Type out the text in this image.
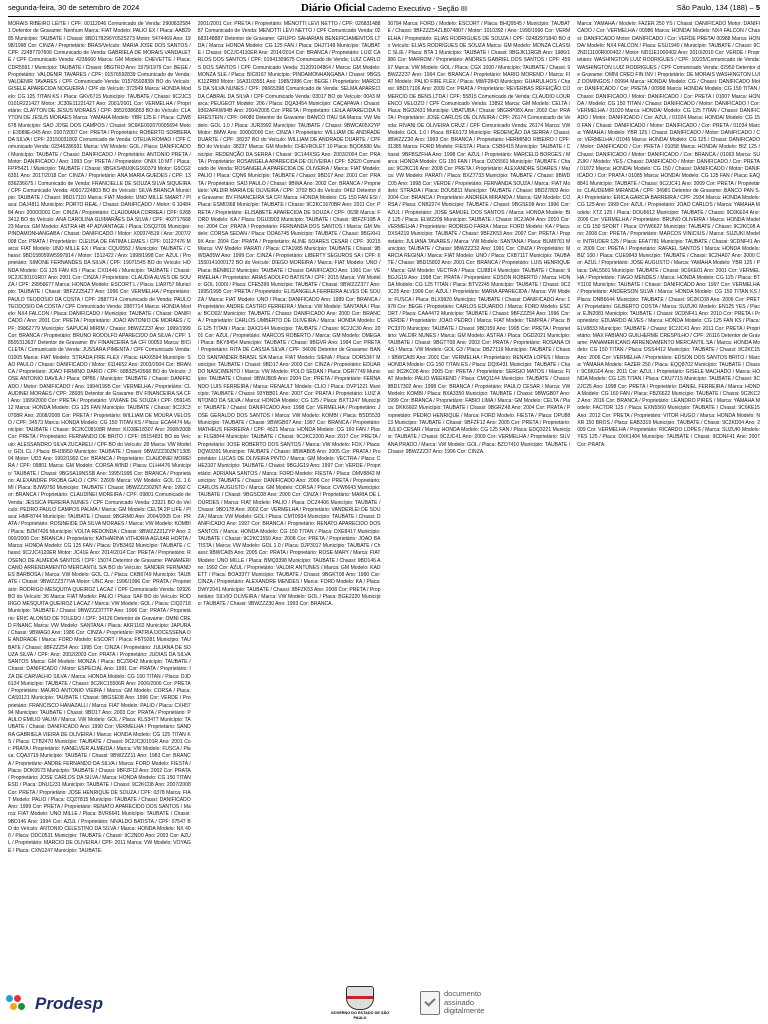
segunda-feira, 30 de setembro de 2024	Diário Oficial Caderno Executivo - Seção III	São Paulo, 134 (188) – 5
MORAIS RIBEIRO LEITE / CPF: 00112046 Comunicado de Venda: 29008325841 Detentor de Gravame: Nenhum Marca: FIAT Modelo: PALIO EX / Placa: AAB2985 Município: TAUBATE / Chassi: 9BD178296Y0525273 Motor: 5474469 Ano: 1998/1998 Cor: CINZA / Proprietário: BRAS/Veículo: MARIA JOSE DOS SANTOS / CPF: 22487797606 Comunicado de Venda: GABRIELA DE MORAIS VANDALETE / CPF Comunicado Venda: 4236660 Marca: GM Modelo: CHEVETTE / Placa: CDR5591 / Município: TAUBATE / Chassi: 9BGTRO Ano: 1979/1979 Cor: BEGE / Proprietário: VALDENIR TAVARES / CPF: 01576592839 Comunicado de Venda: VALDENIR TAVARES / CPF Comunicado Venda: 01576592839/ BO do Veículo: GISELE APARECIDA NOGUEIRA / CPF do Veículo: 372949 Marca: HONDA Modelo: CG 125 TITAN KS / Placa: GKV6715 Município: TAUBATE / Chassi: 9C2JC30101R221427 Motor: JC30E11221427 Ano: 2001/2001 Cor: VERMELHA / Proprietário: CLAYTON DE JESUS MORAES / CPF: 38520386853 BO do Veículo: CLAYTON DE JESUS MORAES Marca: YAMAHA Modelo: YBR 125 E / Placa: CZW8678 Município: SAO JOSE DOS CAMPOS / Chassi: 9C6KE092070005694 Motor: E3089E-045 Ano: 2007/2007 Cor: PRETA / Proprietário: ROBERTO SORBERA DA SILVA / CPF: 23150031802 Comunicado de Venda: OTELIA ROMAO / CPF Comunicado Venda: 02346286931 Marca: VW Modelo: GOL / Placa: DANIFICADO / Município: TAUBATE / Chassi: DANIFICADO / Proprietário: ANTONIO PRETA / Motor: DANIFICADO / Ano: 1993 Cor: PRETA / Proprietário: ONIX 10 MT / Placa: FPP5421 / Município: TAUBATE / Chassi: 9BGKS48U0KG160379 Motor: G5CG26351 Ano: 2017/2018 Cor: CINZA / Proprietário: ANA MARIA GUEDES / CPF: 13836236675 / Comunicado de Venda: FRANCIELLE DE SOUZA SILVA SIQUEIRA / CPF Comunicado Venda: 40917224803 BO do Veículo: SILVA BRANCA Município: TAUBATE / Chassi: 9BD17110 Marca: FIAT Modelo: UNO MILLE SMART / Placa: DAJ4811 Município: PORTO REAL / Chassi: DANIFICADO / Motor: 6 1048484 Ano: 2000/2001 Cor: CINZA / Proprietário: CLAUDIANA CORREA / CPF: 02683412 BO do Veículo: ANA CAROLINA GUIMARÃES DA SILVA / CPF: 40271766823 Marca: GM Modelo: ASTRA HB 4P ADVANTAGE / Placa: DSQ2706 Município: PINDAMONHANGABA / Chassi: DANIFICADO / Motor: X00374519 / Ano: 2007/2008 Cor: PRATA / Proprietário: CLEUSA DE FATIMA LEMES / CPF: 01127476 Marca: FIAT Modelo: UNO MILLE EX / Placa: CQU0552 / Município: TAUBATE / Chassi: 9BD158059W5997814 / Motor: 1512422 / Ano: 1998/1998 Cor: AZUL / Proprietário: SIMONE FERNANDES DA SILVA / CPF: 19071545 BO do Veículo: HONDA Modelo: CG 125 FAN KS / Placa: CXI1446 / Município: TAUBATE / Chassi: 9C2JC30101R07 Ano: 2001 Cor: CINZA / Proprietário: CLAUDIA ALVES DE SOUZA / CPF: 29956677 Marca: HONDA Modelo: ESCORT L / Placa: LIA9757 Município: TAUBATE / Chassi: 9BFZZZ54ZT Ano: 1996 Cor: VERMELHA / Proprietário: PAULO TEODOSIO DA COSTA / CPF: 2887714 Comunicado de Venda: PAULO TEODOSIO DA COSTA / CPF Comunicado Venda: 2887714 Marca: HONDA Modelo: NX4 FALCON / Placa: DANIFICADO / Município: TAUBATE / Chassi: DANIFICADO / Ano: 2001 Cor: PRETA / Proprietário: JOAO ANTONIO DE MORAES / CPF: 09862779 Município: SAPUCAÍ MIRIM / Chassi: 9BWZZZ37 Ano: 1999/1999 Cor: BRANCA / Proprietário: BRUNO RODOLFO APARECIDO DA SILVA / CPF: 18505313637 Detentor de Gravame: BV FINANCEIRA SA CFI 00053 Marca: BICICLETA / Comunicado de Venda: JUSSARA PIMENTA / CPF Comunicado Venda: 01005 Marca: FIAT Modelo: STRADA FIRE FLEX / Placa: HAX6594 Município: SAO PAULO / Chassi: DANIFICADO / Motor: 6114652 Ano: 2003/2004 Cor: BRANCA / Proprietário: JOAO FIRMINO DARIO / CPF: 68832542668 BO do Veículo: JOSE ANTONIO DAVILA / Placa: DPB6 / Município: TAUBATE / Chassi: DANIFICADO / Motor: DANIFICADO / Ano: 1994/1995 Cor: VERMELHA / Proprietário: CLAUDINEI MORAES / CPF: 28935 Detentor de Gravame: BV FINANCEIRA SA CFI Ano: 1999/2000 Cor: PRETA / Proprietário: VIVIANE DE SOUZA / CPF: 05914512 Marca: HONDA Modelo: CG 125 FAN Município: TAUBATE / Chassi: 9C2JC30708R Ano: 2008/2008 Cor: PRETA / Proprietário: WILLIAM DE MOURA VELOSO / CPF: 34573 Marca: HONDA Modelo: CG 150 TITAN KS / Placa: ECA4474 Município: TAUBATE / Chassi: 9C2KC08108R Motor: KC08E18307 Ano: 2008/2008 Cor: PRETA / Proprietário: FERNANDO DE BRITO / CPF: 05154831 BO do Veículo: ALESSANDRO SILVA ZUCARELI / CPF BO do Veículo: 28 Marca: VW Modelo: GOL CL / Placa: BHJ9950 Município: TAUBATE / Chassi: 9BWZZZ30ZNT130504 Motor: UD3 Ano: 1992/1992 Cor: BRANCA / Proprietário: CLAUDINEI MOREIRA / CPF: 09801 Marca: GM Modelo: CORSA WIND / Placa: CLH4476 Município: TAUBATE / Chassi: 9BGSA19NSSB Ano: 1995/1995 Cor: BRANCA / Proprietário: ALEXANDRE PROBA GALO / CPF: 22609 Marca: VW Modelo: GOL CL 1.6 MI / Placa: BJW9750 Município: TAUBATE / Chassi: 9BWZZZ30ZNT Ano: 1992 Cor: BRANCA / Proprietário: CLAUDINEI MOREIRA / CPF: 09801 Comunicado de Venda: JESSICA PEREIRA NUNES / CPF Comunicado Venda: 23321 BO do Veículo: PEDRO PAULO CAMPOS PALMA / Marca: GM Modelo: CELTA 2P LIFE / Placa: HMF8744 Município: TAUBATE / Chassi: 9BGRM0 Ano: 2004/2005 Cor: PRATA / Proprietário: ROSINEIDE DA SILVA MORAES / Marca: VW Modelo: KOMBI / Placa: BZM7426 Município: VOLTA REDONDA / Chassi: 9BWZZZ21ZYP Ano: 2000/2000 Cor: BRANCA / Proprietário: KATHARINA VITHORIA AGUIAR HORTA / Marca: HONDA Modelo: CG 125 FAN / Placa: DVB3402 Município: TAUBATE / Chassi: 9C2JC4120ER Motor: JC41E Ano: 2014/2014 Cor: PRETA / Proprietário: ROSENO DE ALMEIDA SANTOS / CPF: 15074 Detentor de Gravame: PANAMERICANO ARRENDAMENTO MERCANTIL S/A BO do Veículo: SANDER FERNANDES BARBOSA / Marca: VW Modelo: GOL CL / Placa: CKB6749 Município: TAUBATE / Chassi: 9BWZZZ377VA Motor: UNC Ano: 1996/1996 Cor: PRATA / Proprietário: RODRIGO MESQUITA QUEIROZ LACAZ / CPF Comunicado Venda: 02926 BO do Veículo: 36 Marca: FIAT Modelo: PALIO / Placa: SAF BO do Veículo: RODRIGO MESQUITA QUEIROZ LACAZ / Marca: VW Modelo: GOL / Placa: CIQ2718 Município: TAUBATE / Chassi: 9BWZZZ377TP Ano: 1996 Cor: PRATA / Proprietário: ERIC ALONSO DE TOLEDO / CPF: 34126 Detentor de Gravame: OMNI CRED FINANC Marca: VW Modelo: SANTANA / Placa: AKR1162 Município: JAPURÁ / Chassi: 9BWAG0 Ano: 1986 Cor: CINZA / Proprietário: PATRIA DOCESSENA DE ANDRADE / Marca: FORD Modelo: ESCORT / Placa: FBT9281 Município: TAUBATE / Chassi: 9BFZZZ54 Ano: 1995 Cor: CINZA / Proprietário: JULIANA DE SOUZA SILVA / CPF: Ano: 2002/2003 Cor: PRATA / Proprietário: JUDIAS DA SILVA SANTOS Marca: GM Modelo: MONZA / Placa: BCZ9042 Município: TAUBATE / Chassi: DANIFICADO / Motor: ESPECIAL Ano: 1991 Cor: PRATA / Proprietário: IZA DE CARVALHO SILVA / Marca: HONDA Modelo: CG 150 TITAN / Placa: DJD6124 Município: TAUBATE / Chassi: 9C2KC15506R Ano: 2006/2006 Cor: PRETA / Proprietário: MAURO ANTONIO VIEIRA / Marca: GM Modelo: CORSA / Placa: CAS0121 Município: TAUBATE / Chassi: 9BGSE08 Ano: 1996 Cor: VERDE / Proprietário: FRANCISCO HANAZALLI / Marca: FIAT Modelo: PALIO / Placa: CXH5794 Município: TAUBATE / Chassi: 9BD17 Ano: 2003 Cor: PRATA / Proprietário: PAULO EMILIO VALIM / Marca: VW Modelo: GOL / Placa: KLS3477 Município: TAUBATE / Chassi: DANIFICADO Ano: 1990 Cor: VERMELHA / Proprietário: SANDRA GABRIELA VIEIRA DE OLIVEIRA / Marca: HONDA Modelo: CG 125 TITAN KS / Placa: CTB2470 Município: TAUBATE / Chassi: 9C2JC30101R Ano: 2001 Cor: PRATA / Proprietário: IVANELVER ALMEIDA / Marca: VW Modelo: FUSCA / Placa: CQA3719 Município: TAUBATE / Chassi: 9BWZZZ11 Ano: 1983 Cor: BRANCA / Proprietário: ANDRE FERNANDO DA SILVA / Marca: FORD Modelo: FIESTA / Placa: DOK0573 Município: TAUBATE / Chassi: 9BFZF12 Ano: 2002 Cor: PRATA / Proprietário: JOSE CARLOS DA SILVA / Marca: HONDA Modelo: CG 150 TITAN ESD / Placa: DNU1231 Município: TAUBATE / Chassi: 9C2KC08 Ano: 2007/2008 Cor: PRETA / Proprietário: JOSE HENRIQUE DE SOUZA / CPF: 0378 Marca: FIAT Modelo: PALIO / Placa: CQZ7815 Município: TAUBATE / Chassi: DANIFICADO Ano: 1999 Cor: PRETA / Proprietário: RENATO APARECIDO DOS SANTOS / Marca: FIAT Modelo: UNO MILLE / Placa: BVR6641 Município: TAUBATE / Chassi: 9BD146 Ano: 1994 Cor: AZUL / Proprietário: NIVALDO BATISTA / CPF: 07547 BO do Veículo: ANTONIO CELESTINO DA SILVA / Marca: HONDA Modelo: NX 400 / Placa: DDC0531 Município: TAUBATE / Chassi: 9C2ND0 Ano: 2003 Cor: AZUL / Proprietário: MARCIO DE OLIVEIRA / CPF: 2011 Marca: VW Modelo: VOYAGE / Placa: CXN1247 Município: TAUBATE.
2001/2001 Cor: PRETA / Proprietário: MENOTTI LEVI NETTO / CPF: 02683148887 Comunicado de Venda: MENOTTI LEVI NETTO / CPF Comunicado Venda: 02683148887 Detentor de Gravame: GRUPO SAHARIAN BENEFICIAMENTOS LTDA / Marca: HONDA Modelo: CG 125 FAN / Placa: DHJ7148 Município: TAUBATE / Chassi: 9C2JC4110ER Ano: 2014/2014 Cor: BRANCA / Proprietário: LUIZ CARLOS DOS SANTOS / CPF: 01941309675 Comunicado de Venda: LUIZ CARLOS DOS SANTOS / CPF Comunicado Venda: 31209104864 / Marca: GM Modelo: MONZA SLE / Placa: BIC8167 Município: PINDAMONHANGABA / Chassi: 9BGSK11ZRB0 Motor: 16A3103551 Ano: 1985/1986 Cor: BEGE / Proprietário: MARCOS DA SILVA NUNES / CPF: 09665398 Comunicado de Venda: SELMA APARECIDA CABRAL DA SILVA / CPF Comunicado Venda: 03017 BO do Veículo: 0043 Marca: PEUGEOT Modelo: 206 / Placa: DQA3454 Município: CAÇAPAVA / Chassi: 9362AFKW94B Ano: 2004/2005 Cor: PRETA / Proprietário: LEILA APARECIDA NERESTEIN / CPF: 04080 Detentor de Gravame: BANCO ITAU SA Marca: VW Modelo: GOL 1.0 / Placa: JUR3992 Município: TAUBATE / Chassi: 9BWCA05X2YP Motor: BMW Ano: 2000/2000 Cor: CINZA / Proprietário: WILLIAM DE ANDRADE DUARTE / CPF: 38237 BO do Veículo: WILLIAM DE ANDRADE DUARTE / CPF BO do Veículo: 38237 Marca: GM Modelo: CHEVROLET 10 Placa: BQO6580 Município: REDENÇÃO DA SERRA / Chassi: 9C144XSG Ano: 2003/2004 Cor: PRATA / Proprietário: ROSANGELA APARECIDA DE OLIVEIRA / CPF: 52620 Comunicado de Venda: ROSANGELA APARECIDA DE OLIVEIRA / Marca: FIAT Modelo: PALIO / Placa: CQN6 Município: TAUBATE / Chassi: 9BD17 Ano: 2001 Cor: PRATA / Proprietário: SAO PAULO / Chassi: 9BWA Ano: 2002 Cor: BRANCA / Proprietário: VALDIR MARIA DE OLIVEIRA / CPF: 3702 BO do Veículo: 0462 Detentor de Gravame: BV FINANCEIRA SA CFI Marca: HONDA Modelo: CG 150 FAN ESI / Placa: ESM0368 Município: TAUBATE / Chassi: 9C2KC1670BR Ano: 2011 Cor: PRETA / Proprietário: ELISABETE APARECIDA DE SOUZA / CPF: 0638 Marca: FORD Modelo: KA / Placa: DGU3903 Município: TAUBATE / Chassi: 9BFZF10B Ano: 2004 Cor: PRATA / Proprietário: FERNANDA DOS SANTOS / Marca: GM Modelo: CORSA SEDAN / Placa: DOA6745 Município: TAUBATE / Chassi: 9BGXH19X Ano: 2004 Cor: PRATA / Proprietário: ALINE SOARES CESAR / CPF: 30215 Marca: VW Modelo: PARATI / Placa: CTA1985 Município: TAUBATE / Chassi: 9BWDA05W Ano: 1999 Cor: CINZA / Proprietário: LIBERTY SEGUROS SA / CPF: 61550141000172 BO do Veículo: DIEGO MOREIRA / Marca: FIAT Modelo: UNO / Placa: BEN8612 Município: TAUBATE / Chassi: DANIFICADO Ano: 1991 Cor: VERMELHA / Proprietário: ARIAS ADOLFO BATISTA / CPF: 2015 Marca: VW Modelo: GOL 1000I / Placa: CFE5399 Município: TAUBATE / Chassi: 9BWZZZ377 Ano: 1995/1995 Cor: PRETA / Proprietário: ELISANGELA FERREIRA ALVES DE SOUZA / Marca: FIAT Modelo: UNO / Placa: DANIFICADO Ano: 1989 Cor: BRANCA / Proprietário: ANDRE CASTRO FERREIRA / Marca: VW Modelo: SANTANA / Placa: BCO02/ Município: TAUBATE / Chassi: DANIFICADO Ano: 2000 Cor: BRANCA / Proprietário: CARLOS UMBERTO DE OLIVEIRA / Marca: HONDA Modelo: CG 125 TITAN / Placa: DAX2144 Município: TAUBATE / Chassi: 9C2JC30 Ano: 2001 Cor: AZUL / Proprietário: MARCOS ROBERTO / Marca: GM Modelo: OMEGA / Placa: BKY8454 Município: TAUBATE / Chassi: 9BGVR Ano: 1994 Cor: PRETA / Proprietário: RITA DE CASSIA SILVA / CPF: 34036 Detentor de Gravame: BANCO SANTANDER BRASIL S/A Marca: FIAT Modelo: SIENA / Placa: DOR5347 Município: TAUBATE / Chassi: 9BD17 Ano: 2003 Cor: CINZA / Proprietário: EDUARDO NASCIMENTO / Marca: VW Modelo: POLO SEDAN / Placa: DGR7749 Município: TAUBATE / Chassi: 9BWJB09 Ano: 2004 Cor: PRETA / Proprietário: FERNANDO LUIS FERREIRA / Marca: RENAULT Modelo: CLIO / Placa: DVP1221 Município: TAUBATE / Chassi: 93YBB01 Ano: 2007 Cor: PRATA / Proprietário: LUIZ ANTONIO DA SILVA / Marca: HONDA Modelo: CG 125 / Placa: BXT1247 Município: TAUBATE / Chassi: DANIFICADO Ano: 1998 Cor: VERMELHA / Proprietário: JOSE GERALDO DOS SANTOS / Marca: VW Modelo: KOMBI / Placa: BSD5533 Município: TAUBATE / Chassi: 9BWGB07 Ano: 1997 Cor: BRANCA / Proprietário: MATHEUS FERREIRA / CPF: 4621 Marca: HONDA Modelo: CG 160 FAN / Placa: FLG8844 Município: TAUBATE / Chassi: 9C2KC2200 Ano: 2017 Cor: PRETA / Proprietário: JOSE ROBERTO DOS SANTOS / Marca: VW Modelo: FOX / Placa: DQW3391 Município: TAUBATE / Chassi: 9BWAB05 Ano: 2005 Cor: PRATA / Proprietário: LUCAS DE OLIVEIRA PINTO / Marca: GM Modelo: VECTRA / Placa: CHE3107 Município: TAUBATE / Chassi: 9BGJG19 Ano: 1997 Cor: VERDE / Proprietário: ADRIANA SANTOS / Marca: FORD Modelo: FIESTA / Placa: DMV8842 Município: TAUBATE / Chassi: DANIFICADO Ano: 2006 Cor: PRETA / Proprietário: CARLOS AUGUSTO / Marca: GM Modelo: CORSA / Placa: CVW6643 Município: TAUBATE / Chassi: 9BGSC08 Ano: 2000 Cor: CINZA / Proprietário: MARIA DE LOURDES / Marca: FIAT Modelo: PALIO / Placa: DCZ4406 Município: TAUBATE / Chassi: 9BD178 Ano: 2002 Cor: VERMELHA / Proprietário: VANDERLEI DE SOUZA / Marca: VW Modelo: GOL / Placa: CMT0934 Município: TAUBATE / Chassi: DANIFICADO Ano: 1997 Cor: BRANCA / Proprietário: RENATO APARECIDO DOS SANTOS / Marca: HONDA Modelo: CG 150 TITAN / Placa: DXE8417 Município: TAUBATE / Chassi: 9C2KC1550 Ano: 2008 Cor: PRETA / Proprietário: JOAO BATISTA / Marca: VW Modelo: GOL 1.0 / Placa: DJP3017 Município: TAUBATE / Chassi: 9BWCA05 Ano: 2005 Cor: PRATA / Proprietário: ROSE MARY / Marca: FIAT Modelo: UNO MILLE / Placa: BMQ3398 Município: TAUBATE / Chassi: 9BD146 Ano: 1992 Cor: AZUL / Proprietário: VALDIR ANTUNES / Marca: GM Modelo: KADETT / Placa: BOA3377 Município: TAUBATE / Chassi: 9BGKT08 Ano: 1990 Cor: CINZA / Proprietário: ALEXANDRE MENDES / Marca: FORD Modelo: KA / Placa: DWY2041 Município: TAUBATE / Chassi: 9BFZK53 Ano: 2008 Cor: PRETA / Proprietário: SILVIO OLIVEIRA / Marca: VW Modelo: GOL / Placa: BGE2220 Município: TAUBATE / Chassi: 9BWZZZ30 Ano: 1993 Cor: BRANCA.
00794 Marca: FORD / Modelo: ESCORT / Placa: BHQ9545 / Município: TAUBATE / Chassi: 9BFZZZ54ZLB074807 / Motor: 1010392 / Ano: 1990/1990 Cor: VERMELHA / Proprietário: ELIAS RODRIGUES DE SOUZA / CPF: 02482971840 BO do Veículo: ELIAS RODRIGUES DE SOUZA Marca: GM Modelo: MONZA CLASSIC SL/E / Placa: BTA 1 Município: TAUBATE / Chassi: 9BGJK11RGB Ano: 1986/1986 Cor: MARROM / Proprietário: ANDRES GABRIEL DOS SANTOS / CPF: 45967 Marca: VW Modelo: GOL / Placa: CGX 1000 / Município: TAUBATE / Chassi: 9BWZZZ37 Ano: 1994 Cor: BRANCA / Proprietário: MARIO MORENO / Marca: FIAT Modelo: PALIO FIRE FLEX / Placa: MWF2843 Município: GUARULHOS / Chassi: 9BD17106 Ano: 2009 Cor: PRATA / Proprietário: REVERBAS REFEIÇÃO COMERCIO DE BENS LTDA / CPF: 55815 Comunicado de Venda: CLAUDIO LOURENCO VELOZO / CPF Comunicado Venda: 13892 Marca: GM Modelo: CELTA / Placa: BGO2431 Município: UBATUBA / Chassi: 9BGRP08X Ano: 2002 Cor: PRATA / Proprietário: JOSE CARLOS DE OLIVEIRA / CPF: 26174 Comunicado de Venda: RIVANI DE OLIVEIRA CRUZ / CPF Comunicado Venda: 26174 Marca: VW Modelo: GOL 1.0 / Placa: BFE6173 Município: REDENÇÃO DA SERRA / Chassi: 9BWZZZ30 Ano: 1993 Cor: BRANCA / Proprietário: HERMINIO RIBEIRO / CPF: 31385 Marca: FORD Modelo: FIESTA / Placa: CSB0415 Município: TAUBATE / Chassi: 9BFBSZFHA Ano: 1998 Cor: AZUL / Proprietário: MARCELO BORGES / Marca: HONDA Modelo: CG 150 FAN / Placa: DZX5561 Município: TAUBATE / Chassi: 9C2KC16 Ano: 2008 Cor: PRETA / Proprietário: ALEXANDRE SOARES / Marca: VW Modelo: PARATI / Placa: BXZ7733 Município: TAUBATE / Chassi: 9BWDC05 Ano: 1998 Cor: VERDE / Proprietário: FERNANDA SOUZA / Marca: FIAT Modelo: STRADA / Placa: DOU5811 Município: TAUBATE / Chassi: 9BD27803 Ano: 2004 Cor: BRANCA / Proprietário: ANDREIA MIRANDA / Marca: GM Modelo: CORSA / Placa: CNB2274 Município: TAUBATE / Chassi: 9BGSE08 Ano: 1996 Cor: AZUL / Proprietário: JOSE SAMUEL DOS SANTOS / Marca: HONDA Modelo: BIZ 125 / Placa: ELW2209 Município: TAUBATE / Chassi: 9C2JA04 Ano: 2010 Cor: VERMELHA / Proprietário: RODRIGO FARIA / Marca: FORD Modelo: KA / Placa: DXS4219 Município: TAUBATE / Chassi: 9BFZK53 Ano: 2007 Cor: PRETA / Proprietário: JULIANA TAVARES / Marca: VW Modelo: SANTANA / Placa: BLM8761 Município: TAUBATE / Chassi: 9BWZZZ32 Ano: 1991 Cor: CINZA / Proprietário: MARCIA REGINA / Marca: FIAT Modelo: UNO / Placa: CXB7117 Município: TAUBATE / Chassi: 9BD15802 Ano: 2001 Cor: BRANCA / Proprietário: LUIS HENRIQUE / Marca: GM Modelo: VECTRA / Placa: CIJ8814 Município: TAUBATE / Chassi: 9BGJG19 Ano: 1998 Cor: PRATA / Proprietário: EDSON ROBERTO / Marca: HONDA Modelo: CG 125 TITAN / Placa: BTV2245 Município: TAUBATE / Chassi: 9C2JC25 Ano: 1999 Cor: AZUL / Proprietário: MARIA APARECIDA / Marca: VW Modelo: FUSCA / Placa: BLX9920 Município: TAUBATE / Chassi: DANIFICADO Ano: 1978 Cor: BEGE / Proprietário: CARLOS EDUARDO / Marca: FORD Modelo: ESCORT / Placa: CAA4472 Município: TAUBATE / Chassi: 9BFZZZ54 Ano: 1996 Cor: VERDE / Proprietário: JOAO PEDRO / Marca: FIAT Modelo: TEMPRA / Placa: BPC3370 Município: TAUBATE / Chassi: 9BD159 Ano: 1995 Cor: PRETA / Proprietário: VALDIR NUNES / Marca: GM Modelo: ASTRA / Placa: DGD2021 Município: TAUBATE / Chassi: 9BGTT08 Ano: 2003 Cor: PRATA / Proprietário: ROSANA DIAS / Marca: VW Modelo: GOL G3 / Placa: DBZ7119 Município: TAUBATE / Chassi: 9BWCA05 Ano: 2001 Cor: VERMELHA / Proprietário: RENATA LOPES / Marca: HONDA Modelo: CG 150 TITAN ES / Placa: DQI6431 Município: TAUBATE / Chassi: 9C2KC08 Ano: 2005 Cor: PRETA / Proprietário: SERGIO MATOS / Marca: FIAT Modelo: PALIO WEEKEND / Placa: CMQ1144 Município: TAUBATE / Chassi: 9BD17302 Ano: 1998 Cor: BRANCA / Proprietário: PAULO CESAR / Marca: VW Modelo: KOMBI / Placa: BXA3350 Município: TAUBATE / Chassi: 9BWGB07 Ano: 1999 Cor: BRANCA / Proprietário: FABIO LIMA / Marca: GM Modelo: CELTA / Placa: DKK6602 Município: TAUBATE / Chassi: 9BGRZ48 Ano: 2004 Cor: PRATA / Proprietário: PEDRO HENRIQUE / Marca: FORD Modelo: FIESTA / Placa: DPU8813 Município: TAUBATE / Chassi: 9BFZF12 Ano: 2005 Cor: PRETA / Proprietário: JULIO CESAR / Marca: HONDA Modelo: CG 125 FAN / Placa: EDQ3221 Município: TAUBATE / Chassi: 9C2JC41 Ano: 2009 Cor: VERMELHA / Proprietário: SILVANA PRADO / Marca: VW Modelo: GOL / Placa: BZO7410 Município: TAUBATE / Chassi: 9BWZZZ37 Ano: 1996 Cor: CINZA.
Marca: YAMAHA / Modelo: FAZER 250 YS / Chassi: DANIFICADO Motor: DANIFICADO / Cor: VERMELHA / 00986 Marca: HONDA/ Modelo: NX4 FALCON / Chassi: DANIFICADO Motor: DANIFICADO / Cor: VERDE PRETA/ 00988 Marca: HONDA/ Modelo: NX4 FALCON / Placa: ESU1940 / Município: TAUBATE / Chassi: 9C2ND11100R000402 / Motor: ND11E1000402 Ano: 2010/2010 Cor: VERDE / Proprietário: WASHINGTON LUIZ RODRIGUES / CPF: 10225/Comunicado de Venda: WASHINGTON LUIZ RODRIGUES / CPF Comunicado Venda: 02950 Detentor de Gravame: OMNI CRED FIN INV / Proprietário: DE MORAIS WASHINGTON LUIZ DOMINGOS / 00994 Marca: HONDA/ Modelo: CG / Chassi: DANIFICADO Motor: DANIFICADO / Cor: PRETA / 00998 Marca: HONDA/ Modelo: CG 150 TITAN / Chassi: DANIFICADO / Motor: DANIFICADO / Cor: PRETA / 01007 Marca: HONDA / Modelo: CG 150 TITAN / Chassi: DANIFICADO / Motor: DANIFICADO / Cor: VERMELHA / 01020 Marca: HONDA/ Modelo: CG 125 TITAN / Chassi: DANIFICADO / Motor: DANIFICADO / Cor: AZUL / 01024 Marca: HONDA/ Modelo: CG 150 FAN / Chassi: DANIFICADO / Motor: DANIFICADO / Cor: PRETA / 01034 Marca: YAMAHA / Modelo: YBR 125 / Chassi: DANIFICADO / Motor: DANIFICADO / Cor: VERMELHA / 01045 Marca: HONDA/ Modelo: CG 125 / Chassi: DANIFICADO / Motor: DANIFICADO / Cor: PRETA / 01058 Marca: HONDA/ Modelo: BIZ 125 / Chassi: DANIFICADO / Motor: DANIFICADO / Cor: BRANCA / 01063 Marca: SUZUKI / Modelo: YES / Chassi: DANIFICADO / Motor: DANIFICADO / Cor: PRETA / 01072 Marca: HONDA/ Modelo: CG 150 / Chassi: DANIFICADO / Motor: DANIFICADO / Cor: PRATA / 01085 Marca: HONDA/ Modelo: CG 125 FAN / Placa: EAQ8841 Município: TAUBATE / Chassi: 9C2JC41 Ano: 2009 Cor: PRETA / Proprietário: CLAUDEMIR MIRANDA / CPF: 34981 Detentor de Gravame: BANCO PAN S.A / Proprietário: ERICA GARCIA BARREIRA / CPF: 2934 Marca: HONDA Modelo: CG 125 Ano: 1999 Cor: AZUL / Proprietário: JOAO CARLOS / Marca: YAMAHA Modelo: XTZ 125 / Placa: DOU6612 Município: TAUBATE / Chassi: 9C6KE04 Ano: 2006 Cor: VERMELHA / Proprietário: BRUNO OLIVEIRA / Marca: HONDA Modelo: CG 150 SPORT / Placa: DYW6637 Município: TAUBATE / Chassi: 9C2KC08 Ano: 2008 Cor: PRETA / Proprietário: MARCOS VINICIUS / Marca: SUZUKI Modelo: INTRUDER 125 / Placa: EFA7781 Município: TAUBATE / Chassi: 9CDNF41 Ano: 2009 Cor: PRETA / Proprietário: RAFAEL SANTOS / Marca: HONDA Modelo: BIZ 100 / Placa: CUE9943 Município: TAUBATE / Chassi: 9C2HA07 Ano: 2000 Cor: AZUL / Proprietário: JOSE AUGUSTO / Marca: YAMAHA Modelo: YBR 125 / Placa: DAL5501 Município: TAUBATE / Chassi: 9C6KE01 Ano: 2001 Cor: VERMELHA / Proprietário: TIAGO MENDES / Marca: HONDA Modelo: CG 125 / Placa: BTY1102 Município: TAUBATE / Chassi: DANIFICADO Ano: 1997 Cor: VERMELHA / Proprietário: ANDERSON SILVA / Marca: HONDA Modelo: CG 150 TITAN KS / Placa: DNB6644 Município: TAUBATE / Chassi: 9C2KC08 Ano: 2006 Cor: PRETA / Proprietário: GILBERTO COSTA / Marca: SUZUKI Modelo: EN125 YES / Placa: EJN2081 Município: TAUBATE / Chassi: 9CDNF41 Ano: 2010 Cor: PRETA / Proprietário: EDUARDO ALVES / Marca: HONDA Modelo: CG 125 FAN KS / Placa: ELV8833 Município: TAUBATE / Chassi: 9C2JC41 Ano: 2011 Cor: PRETA / Proprietário: MAX FABIANO GUILHERME CRESPILHO / CPF: 26116 Detentor de Gravame: PANAMERICANO ARRENDAMENTO MERCANTIL SA / Marca: HONDA Modelo: CG 150 TITAN / Placa: DSS4412 Município: TAUBATE / Chassi: 9C2KC15 Ano: 2006 Cor: VERMELHA / Proprietário: EDSON DOS SANTOS BRITO / Marca: YAMAHA Modelo: FAZER 250 / Placa: EQQ8702 Município: TAUBATE / Chassi: 9C6KG04 Ano: 2011 Cor: AZUL / Proprietário: GISELE MACHADO / Marca: HONDA Modelo: CG 125 TITAN / Placa: CKU7715 Município: TAUBATE / Chassi: 9C2JC25 Ano: 1998 Cor: PRETA / Proprietário: DANIEL FERREIRA / Marca: HONDA Modelo: CG 160 FAN / Placa: FBZ6622 Município: TAUBATE / Chassi: 9C2KC22 Ano: 2016 Cor: BRANCA / Proprietário: LEANDRO PIRES / Marca: YAMAHA Modelo: FACTOR 125 / Placa: EXN5560 Município: TAUBATE / Chassi: 9C6KE15 Ano: 2012 Cor: PRETA / Proprietário: VITOR HUGO / Marca: HONDA Modelo: NXR 150 BROS / Placa: EAB3319 Município: TAUBATE / Chassi: 9C2KD04 Ano: 2009 Cor: VERMELHA / Proprietário: RICARDO LOPES / Marca: SUZUKI Modelo: YES 125 / Placa: DXK1404 Município: TAUBATE / Chassi: 9CDNF41 Ano: 2007 Cor: PRATA.
Prodesp	GOVERNO DO ESTADO DE SÃO PAULO
documento
assinado
digitalmente
